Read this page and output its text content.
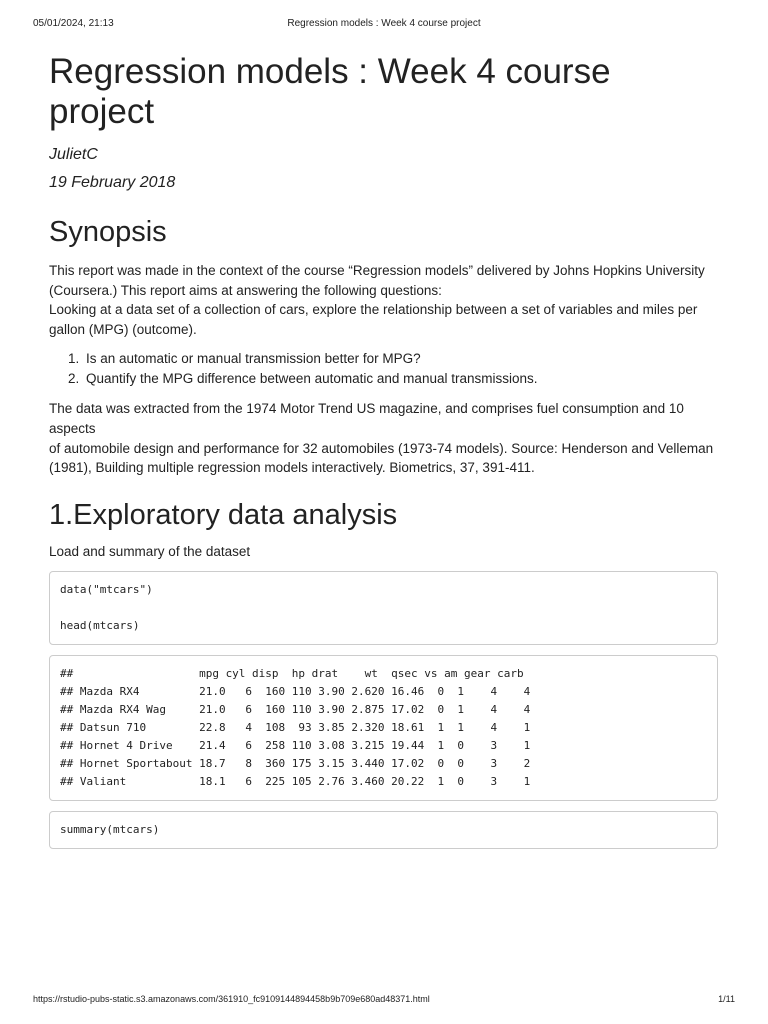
05/01/2024, 21:13	Regression models : Week 4 course project
Regression models : Week 4 course project
JulietC
19 February 2018
Synopsis

This report was made in the context of the course “Regression models” delivered by Johns Hopkins University

(Coursera.) This report aims at answering the following questions:

Looking at a data set of a collection of cars, explore the relationship between a set of variables and miles per

gallon (MPG) (outcome).

1. Is an automatic or manual transmission better for MPG?
2. Quantify the MPG difference between automatic and manual transmissions.

The data was extracted from the 1974 Motor Trend US magazine, and comprises fuel consumption and 10 aspects

of automobile design and performance for 32 automobiles (1973-74 models). Source: Henderson and Velleman

(1981), Building multiple regression models interactively. Biometrics, 37, 391-411.

1.Exploratory data analysis

Load and summary of the dataset

data("mtcars")
head(mtcars)
##                   mpg cyl disp  hp drat    wt  qsec vs am gear carb
## Mazda RX4         21.0   6  160 110 3.90 2.620 16.46  0  1    4    4
## Mazda RX4 Wag     21.0   6  160 110 3.90 2.875 17.02  0  1    4    4
## Datsun 710        22.8   4  108  93 3.85 2.320 18.61  1  1    4    1
## Hornet 4 Drive    21.4   6  258 110 3.08 3.215 19.44  1  0    3    1
## Hornet Sportabout 18.7   8  360 175 3.15 3.440 17.02  0  0    3    2
## Valiant           18.1   6  225 105 2.76 3.460 20.22  1  0    3    1
summary(mtcars)
https://rstudio-pubs-static.s3.amazonaws.com/361910_fc9109144894458b9b709e680ad48371.html	1/11
